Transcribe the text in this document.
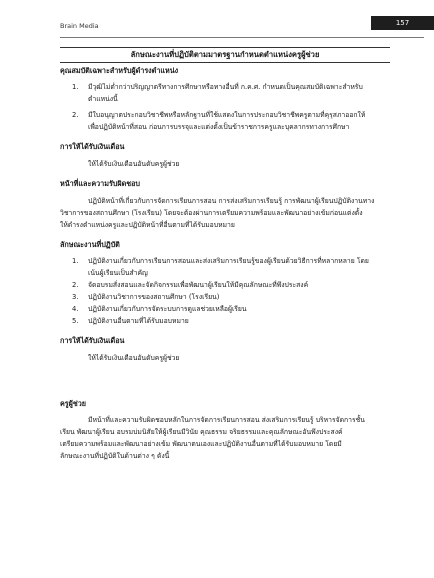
Brain Media	157
ลักษณะงานที่ปฏิบัติตามมาตรฐานกำหนดตำแหน่งครูผู้ช่วย
คุณสมบัติเฉพาะสำหรับผู้ดำรงตำแหน่ง
1. มีวุฒิไม่ต่ำกว่าปริญญาตรีทางการศึกษาหรือทางอื่นที่ ก.ค.ศ. กำหนดเป็นคุณสมบัติเฉพาะสำหรับ

ตำแหน่งนี้

2. มีใบอนุญาตประกอบวิชาชีพหรือหลักฐานที่ใช้แสดงในการประกอบวิชาชีพครูตามที่คุรุสภาออกให้

เพื่อปฏิบัติหน้าที่สอน ก่อนการบรรจุและแต่งตั้งเป็นข้าราชการครูและบุคลากรทางการศึกษา

การให้ได้รับเงินเดือน

ให้ได้รับเงินเดือนอันดับครูผู้ช่วย

หน้าที่และความรับผิดชอบ

ปฏิบัติหน้าที่เกี่ยวกับการจัดการเรียนการสอน การส่งเสริมการเรียนรู้ การพัฒนาผู้เรียนปฏิบัติงานทาง

วิชาการของสถานศึกษา (โรงเรียน) โดยจะต้องผ่านการเตรียมความพร้อมและพัฒนาอย่างเข้มก่อนแต่งตั้ง

ให้ดำรงตำแหน่งครูและปฏิบัติหน้าที่อื่นตามที่ได้รับมอบหมาย

ลักษณะงานที่ปฏิบัติ
1. ปฏิบัติงานเกี่ยวกับการเรียนการสอนและส่งเสริมการเรียนรู้ของผู้เรียนด้วยวิธีการที่หลากหลาย โดย

เน้นผู้เรียนเป็นสำคัญ

2. จัดอบรมสั่งสอนและจัดกิจกรรมเพื่อพัฒนาผู้เรียนให้มีคุณลักษณะที่พึงประสงค์

3. ปฏิบัติงานวิชาการของสถานศึกษา (โรงเรียน)

4. ปฏิบัติงานเกี่ยวกับการจัดระบบการดูแลช่วยเหลือผู้เรียน

5. ปฏิบัติงานอื่นตามที่ได้รับมอบหมาย

การให้ได้รับเงินเดือน

ให้ได้รับเงินเดือนอันดับครูผู้ช่วย

ครูผู้ช่วย

มีหน้าที่และความรับผิดชอบหลักในการจัดการเรียนการสอน ส่งเสริมการเรียนรู้ บริหารจัดการชั้น

เรียน พัฒนาผู้เรียน อบรมบ่มนิสัยให้ผู้เรียนมีวินัย คุณธรรม จริยธรรมและคุณลักษณะอันพึงประสงค์

เตรียมความพร้อมและพัฒนาอย่างเข้ม พัฒนาตนเองและปฏิบัติงานอื่นตามที่ได้รับมอบหมาย โดยมี

ลักษณะงานที่ปฏิบัติในด้านต่าง ๆ ดังนี้
